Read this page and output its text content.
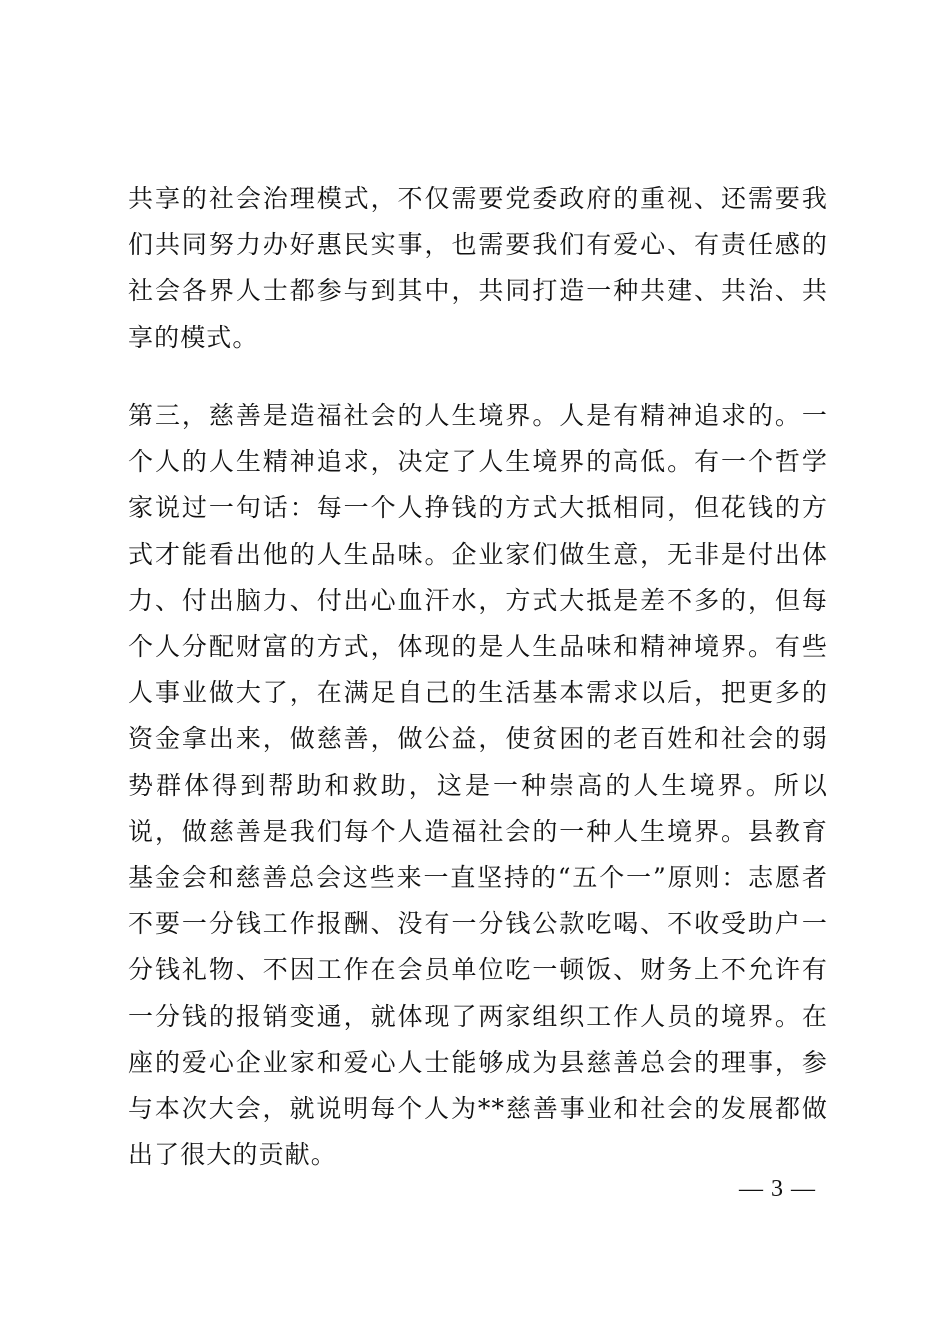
共享的社会治理模式，不仅需要党委政府的重视、还需要我们共同努力办好惠民实事，也需要我们有爱心、有责任感的社会各界人士都参与到其中，共同打造一种共建、共治、共享的模式。

第三，慈善是造福社会的人生境界。人是有精神追求的。一个人的人生精神追求，决定了人生境界的高低。有一个哲学家说过一句话：每一个人挣钱的方式大抵相同，但花钱的方式才能看出他的人生品味。企业家们做生意，无非是付出体力、付出脑力、付出心血汗水，方式大抵是差不多的，但每个人分配财富的方式，体现的是人生品味和精神境界。有些人事业做大了，在满足自己的生活基本需求以后，把更多的资金拿出来，做慈善，做公益，使贫困的老百姓和社会的弱势群体得到帮助和救助，这是一种崇高的人生境界。所以说，做慈善是我们每个人造福社会的一种人生境界。县教育基金会和慈善总会这些来一直坚持的“五个一”原则：志愿者不要一分钱工作报酬、没有一分钱公款吃喝、不收受助户一分钱礼物、不因工作在会员单位吃一顿饭、财务上不允许有一分钱的报销变通，就体现了两家组织工作人员的境界。在座的爱心企业家和爱心人士能够成为县慈善总会的理事，参与本次大会，就说明每个人为**慈善事业和社会的发展都做出了很大的贡献。

— 3 —
